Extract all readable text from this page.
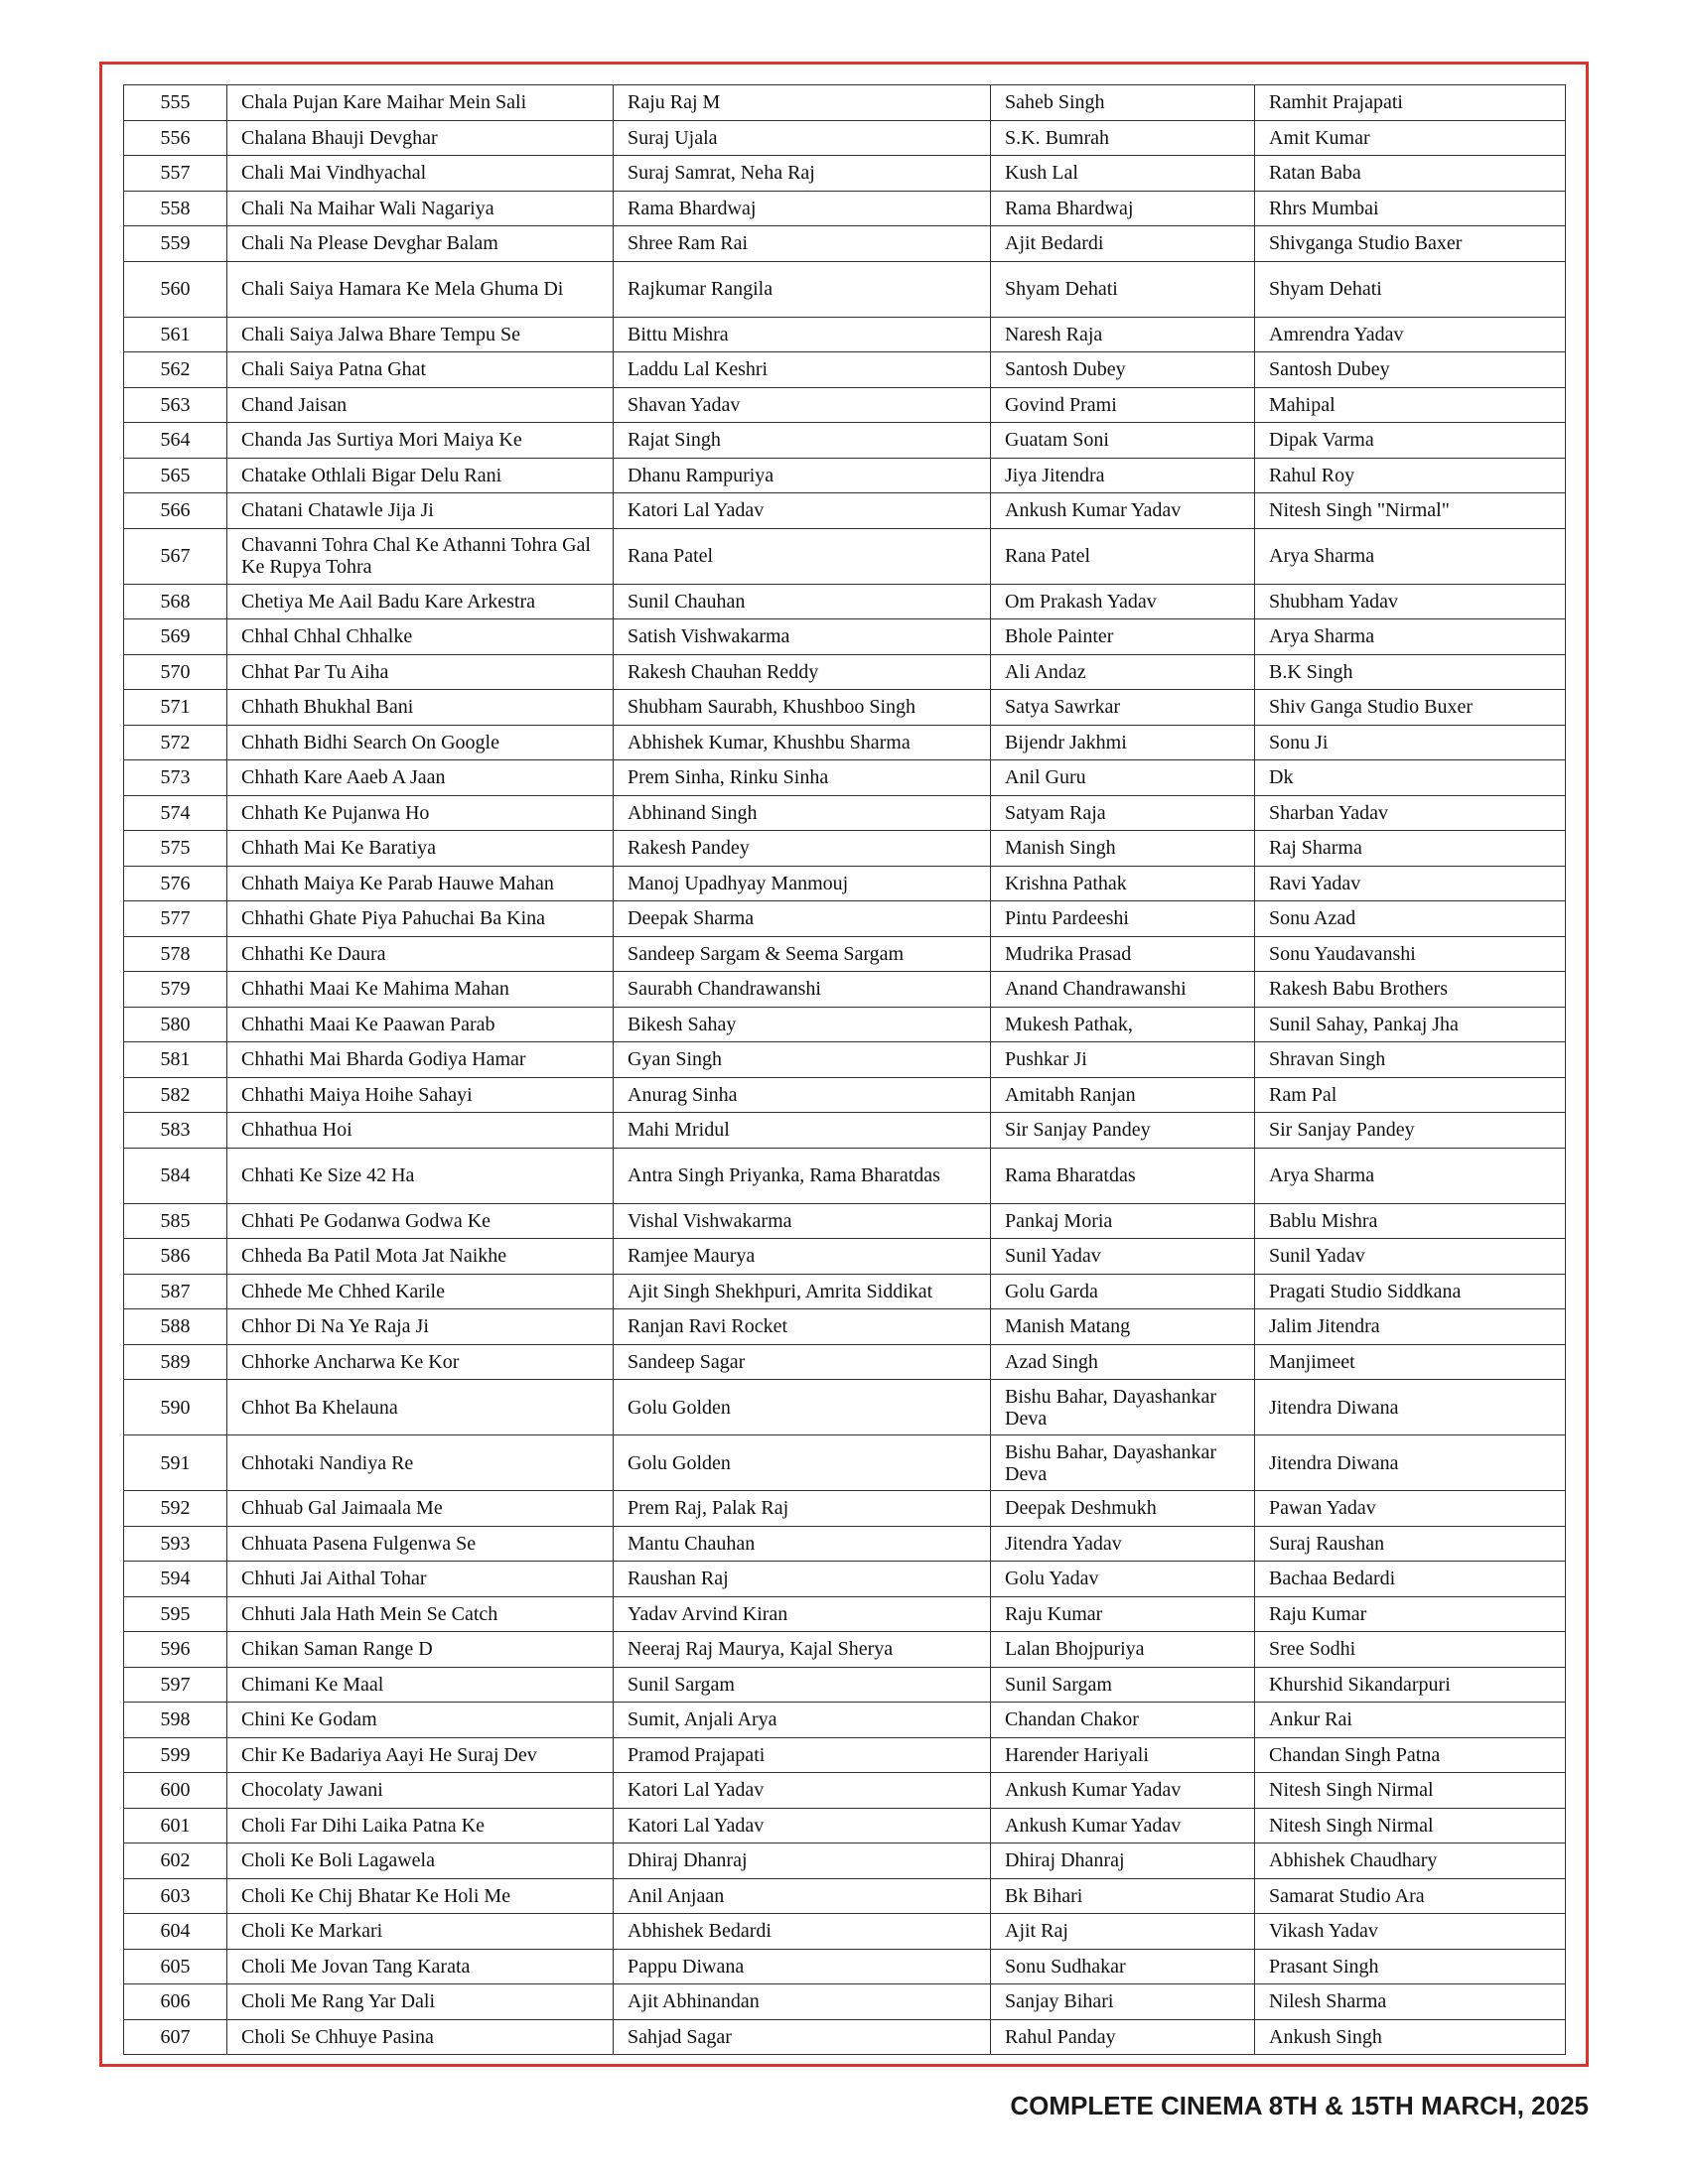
555	Chala Pujan Kare Maihar Mein Sali	Raju Raj M	Saheb Singh	Ramhit Prajapati
556	Chalana Bhauji Devghar	Suraj Ujala	S.K. Bumrah	Amit Kumar
557	Chali Mai Vindhyachal	Suraj Samrat, Neha Raj	Kush Lal	Ratan Baba
558	Chali Na Maihar Wali Nagariya	Rama Bhardwaj	Rama Bhardwaj	Rhrs Mumbai
559	Chali Na Please Devghar Balam	Shree Ram Rai	Ajit Bedardi	Shivganga Studio Baxer
560	Chali Saiya Hamara Ke Mela Ghuma Di	Rajkumar Rangila	Shyam Dehati	Shyam Dehati
561	Chali Saiya Jalwa Bhare Tempu Se	Bittu Mishra	Naresh Raja	Amrendra Yadav
562	Chali Saiya Patna Ghat	Laddu Lal Keshri	Santosh Dubey	Santosh Dubey
563	Chand Jaisan	Shavan Yadav	Govind Prami	Mahipal
564	Chanda Jas Surtiya Mori Maiya Ke	Rajat Singh	Guatam Soni	Dipak Varma
565	Chatake Othlali Bigar Delu Rani	Dhanu Rampuriya	Jiya Jitendra	Rahul Roy
566	Chatani Chatawle Jija Ji	Katori Lal Yadav	Ankush Kumar Yadav	Nitesh Singh "Nirmal"
567	Chavanni Tohra Chal Ke Athanni Tohra Gal Ke Rupya Tohra	Rana Patel	Rana Patel	Arya Sharma
568	Chetiya Me Aail Badu Kare Arkestra	Sunil Chauhan	Om Prakash Yadav	Shubham Yadav
569	Chhal Chhal Chhalke	Satish Vishwakarma	Bhole Painter	Arya Sharma
570	Chhat Par Tu Aiha	Rakesh Chauhan Reddy	Ali Andaz	B.K Singh
571	Chhath Bhukhal Bani	Shubham Saurabh, Khushboo Singh	Satya Sawrkar	Shiv Ganga Studio Buxer
572	Chhath Bidhi Search On Google	Abhishek Kumar, Khushbu Sharma	Bijendr Jakhmi	Sonu Ji
573	Chhath Kare Aaeb A Jaan	Prem Sinha, Rinku Sinha	Anil Guru	Dk
574	Chhath Ke Pujanwa Ho	Abhinand Singh	Satyam Raja	Sharban Yadav
575	Chhath Mai Ke Baratiya	Rakesh Pandey	Manish Singh	Raj Sharma
576	Chhath Maiya Ke Parab Hauwe Mahan	Manoj Upadhyay Manmouj	Krishna Pathak	Ravi Yadav
577	Chhathi Ghate Piya Pahuchai Ba Kina	Deepak Sharma	Pintu Pardeeshi	Sonu Azad
578	Chhathi Ke Daura	Sandeep Sargam & Seema Sargam	Mudrika Prasad	Sonu Yaudavanshi
579	Chhathi Maai Ke Mahima Mahan	Saurabh Chandrawanshi	Anand Chandrawanshi	Rakesh Babu Brothers
580	Chhathi Maai Ke Paawan Parab	Bikesh Sahay	Mukesh Pathak,	Sunil Sahay, Pankaj Jha
581	Chhathi Mai Bharda Godiya Hamar	Gyan Singh	Pushkar Ji	Shravan Singh
582	Chhathi Maiya Hoihe Sahayi	Anurag Sinha	Amitabh Ranjan	Ram Pal
583	Chhathua Hoi	Mahi Mridul	Sir Sanjay Pandey	Sir Sanjay Pandey
584	Chhati Ke Size 42 Ha	Antra Singh Priyanka, Rama Bharatdas	Rama Bharatdas	Arya Sharma
585	Chhati Pe Godanwa Godwa Ke	Vishal Vishwakarma	Pankaj Moria	Bablu Mishra
586	Chheda Ba Patil Mota Jat Naikhe	Ramjee Maurya	Sunil Yadav	Sunil Yadav
587	Chhede Me Chhed Karile	Ajit Singh Shekhpuri, Amrita Siddikat	Golu Garda	Pragati Studio Siddkana
588	Chhor Di Na Ye Raja Ji	Ranjan Ravi Rocket	Manish Matang	Jalim Jitendra
589	Chhorke Ancharwa Ke Kor	Sandeep Sagar	Azad Singh	Manjimeet
590	Chhot Ba Khelauna	Golu Golden	Bishu Bahar, Dayashankar Deva	Jitendra Diwana
591	Chhotaki Nandiya Re	Golu Golden	Bishu Bahar, Dayashankar Deva	Jitendra Diwana
592	Chhuab Gal Jaimaala Me	Prem Raj, Palak Raj	Deepak Deshmukh	Pawan Yadav
593	Chhuata Pasena Fulgenwa Se	Mantu Chauhan	Jitendra Yadav	Suraj Raushan
594	Chhuti Jai Aithal Tohar	Raushan Raj	Golu Yadav	Bachaa Bedardi
595	Chhuti Jala Hath Mein Se Catch	Yadav Arvind Kiran	Raju Kumar	Raju Kumar
596	Chikan Saman Range D	Neeraj Raj Maurya, Kajal Sherya	Lalan Bhojpuriya	Sree Sodhi
597	Chimani Ke Maal	Sunil Sargam	Sunil Sargam	Khurshid Sikandarpuri
598	Chini Ke Godam	Sumit, Anjali Arya	Chandan Chakor	Ankur Rai
599	Chir Ke Badariya Aayi He Suraj Dev	Pramod Prajapati	Harender Hariyali	Chandan Singh Patna
600	Chocolaty Jawani	Katori Lal Yadav	Ankush Kumar Yadav	Nitesh Singh Nirmal
601	Choli Far Dihi Laika Patna Ke	Katori Lal Yadav	Ankush Kumar Yadav	Nitesh Singh Nirmal
602	Choli Ke Boli Lagawela	Dhiraj Dhanraj	Dhiraj Dhanraj	Abhishek Chaudhary
603	Choli Ke Chij Bhatar Ke Holi Me	Anil Anjaan	Bk Bihari	Samarat Studio Ara
604	Choli Ke Markari	Abhishek Bedardi	Ajit Raj	Vikash Yadav
605	Choli Me Jovan Tang Karata	Pappu Diwana	Sonu Sudhakar	Prasant Singh
606	Choli Me Rang Yar Dali	Ajit Abhinandan	Sanjay Bihari	Nilesh Sharma
607	Choli Se Chhuye Pasina	Sahjad Sagar	Rahul Panday	Ankush Singh
COMPLETE CINEMA 8TH & 15TH MARCH, 2025
